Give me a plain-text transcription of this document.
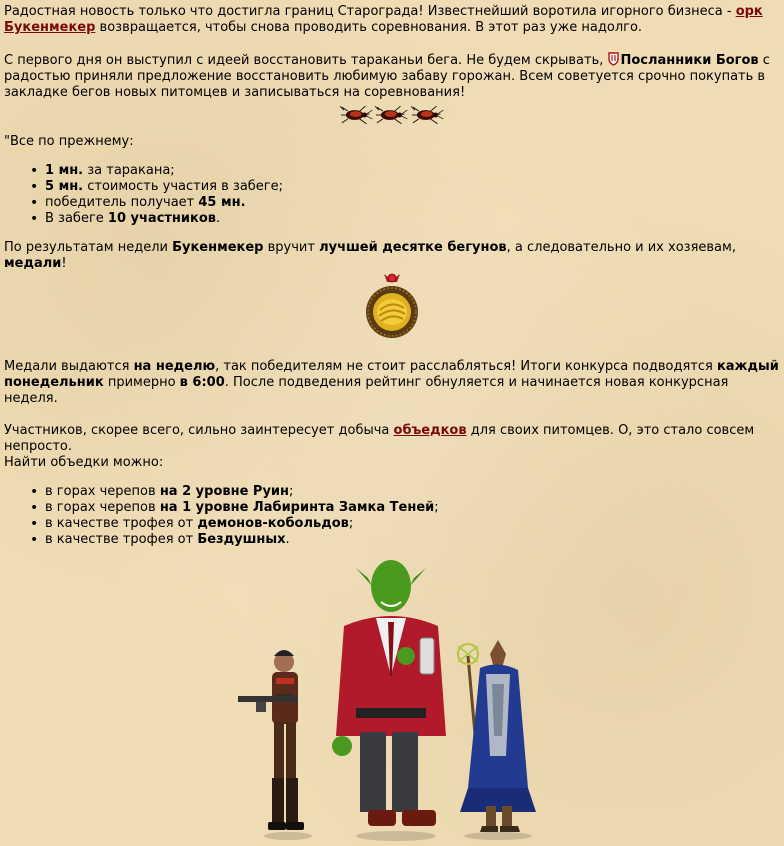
Радостная новость только что достигла границ Старограда! Известнейший воротила игорного бизнеса - орк Букенмекер возвращается, чтобы снова проводить соревнования. В этот раз уже надолго.

С первого дня он выступил с идеей восстановить тараканьи бега. Не будем скрывать, Посланники Богов с радостью приняли предложение восстановить любимую забаву горожан. Всем советуется срочно покупать в закладке бегов новых питомцев и записываться на соревнования!

"Все по прежнему:

• 1 мн. за таракана;
• 5 мн. стоимость участия в забеге;
• победитель получает 45 мн.
• В забеге 10 участников.

По результатам недели Букенмекер вручит лучшей десятке бегунов, а следовательно и их хозяевам, медали!

Медали выдаются на неделю, так победителям не стоит расслабляться! Итоги конкурса подводятся каждый понедельник примерно в 6:00. После подведения рейтинг обнуляется и начинается новая конкурсная неделя.

Участников, скорее всего, сильно заинтересует добыча объедков для своих питомцев. О, это стало совсем непросто.
Найти объедки можно:

• в горах черепов на 2 уровне Руин;
• в горах черепов на 1 уровне Лабиринта Замка Теней;
• в качестве трофея от демонов-кобольдов;
• в качестве трофея от Бездушных.
